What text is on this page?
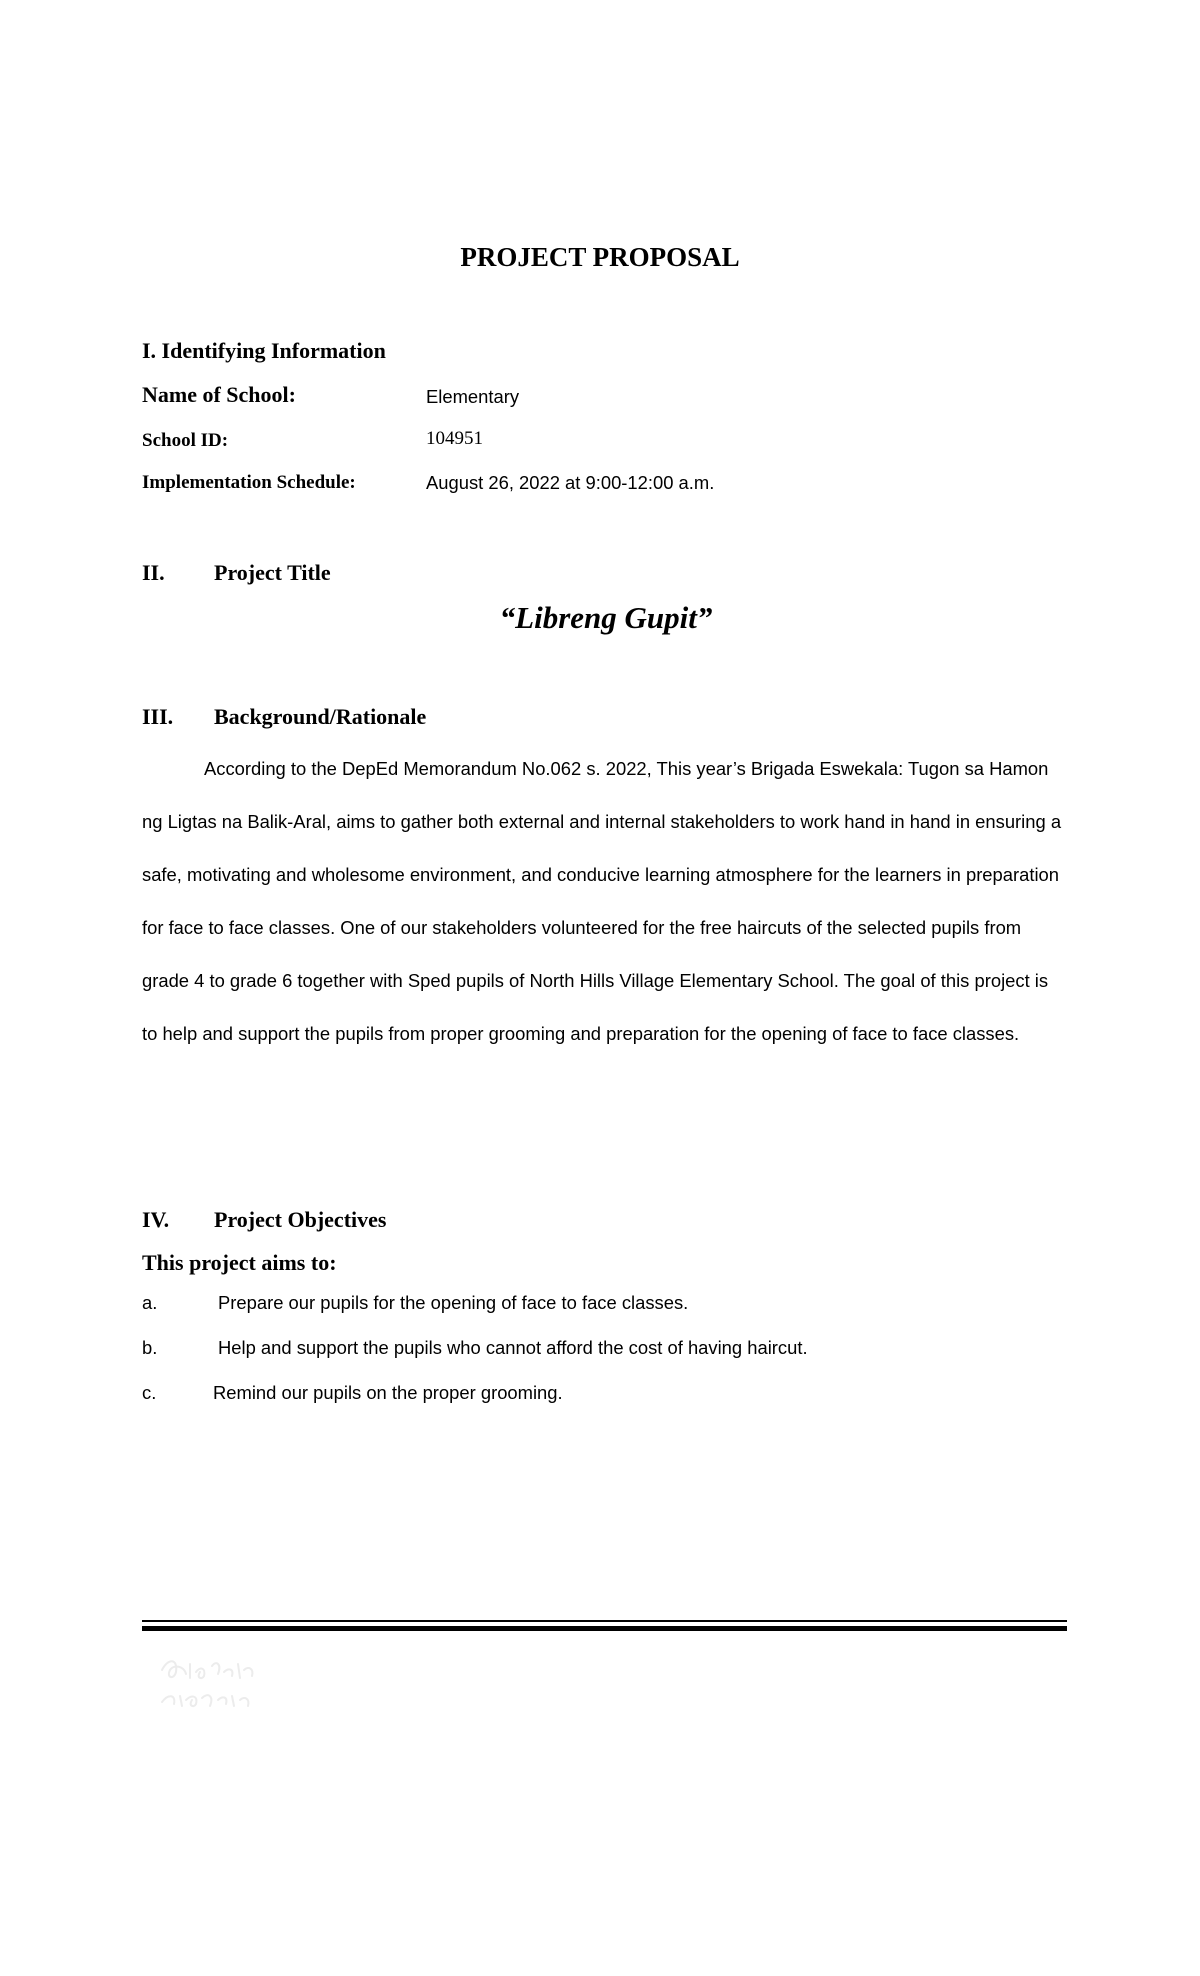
PROJECT PROPOSAL
I. Identifying Information
Name of School:	Elementary
School ID:	104951
Implementation Schedule:	August 26, 2022 at 9:00-12:00 a.m.
II. Project Title
“Libreng Gupit”
III. Background/Rationale

According to the DepEd Memorandum No.062 s. 2022, This year’s Brigada Eswekala: Tugon sa Hamon ng Ligtas na Balik-Aral, aims to gather both external and internal stakeholders to work hand in hand in ensuring a safe, motivating and wholesome environment, and conducive learning atmosphere for the learners in preparation for face to face classes. One of our stakeholders volunteered for the free haircuts of the selected pupils from grade 4 to grade 6 together with Sped pupils of North Hills Village Elementary School. The goal of this project is to help and support the pupils from proper grooming and preparation for the opening of face to face classes.

IV. Project Objectives
This project aims to:
a.	Prepare our pupils for the opening of face to face classes.
b.	Help and support the pupils who cannot afford the cost of having haircut.
c.	Remind our pupils on the proper grooming.
